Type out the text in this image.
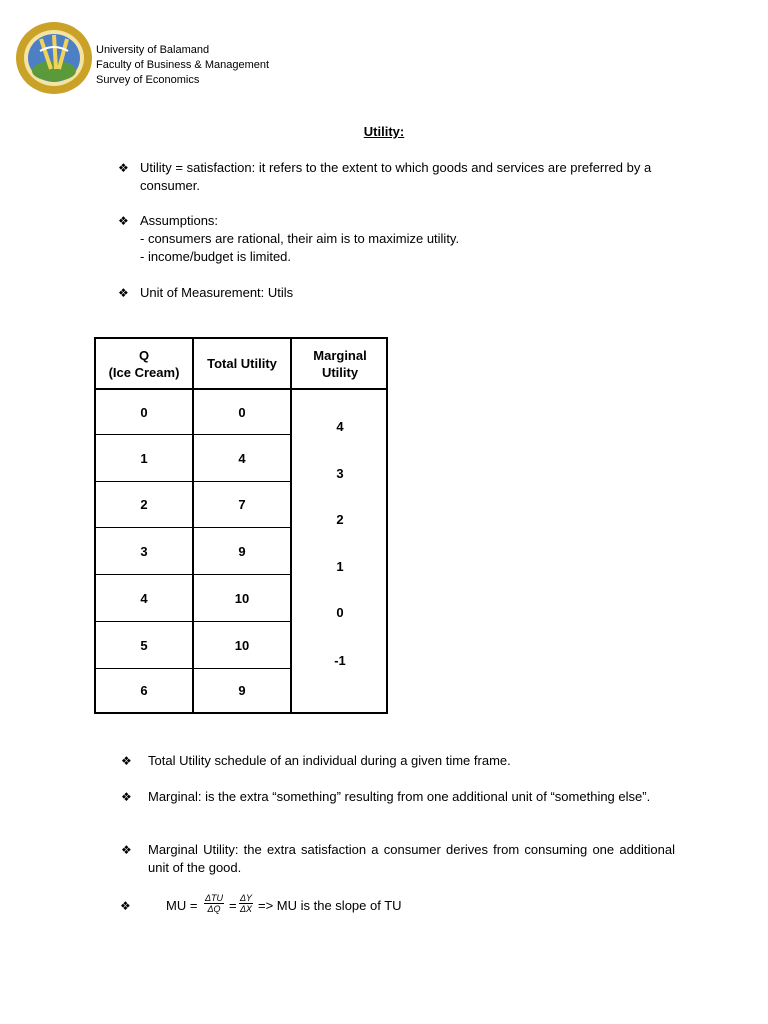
University of Balamand
Faculty of Business & Management
Survey of Economics
Utility:
❖ Utility = satisfaction: it refers to the extent to which goods and services are preferred by a consumer.
❖ Assumptions:
- consumers are rational, their aim is to maximize utility.
- income/budget is limited.
❖ Unit of Measurement: Utils
Q
(Ice Cream)
Total Utility
Marginal
Utility
0
1
2
3
4
5
6
0
4
7
9
10
10
9
4
3
2
1
0
-1
❖ Total Utility schedule of an individual during a given time frame.
❖ Marginal: is the extra “something” resulting from one additional unit of “something else”.
❖ Marginal Utility: the extra satisfaction a consumer derives from consuming one additional unit of the good.
❖	MU = ΔTU
$\Delta Q = \frac{\Delta Y}{\Delta X}$ => MU is the slope of TU
